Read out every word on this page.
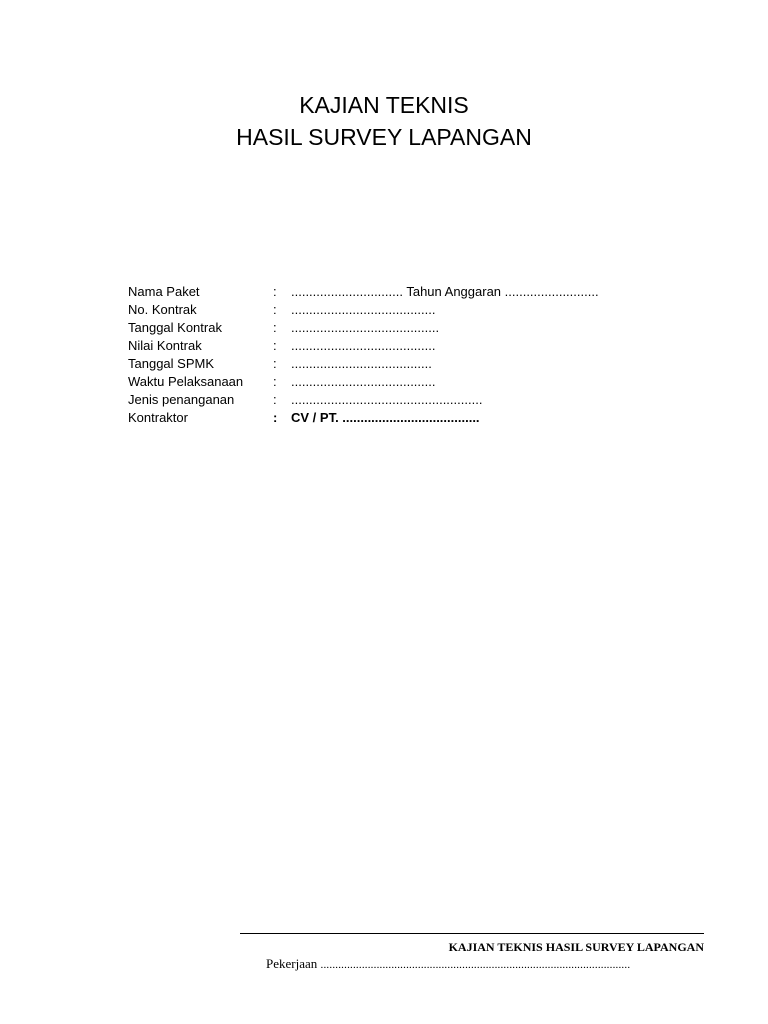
KAJIAN TEKNIS
HASIL SURVEY LAPANGAN
Nama Paket	:	............................... Tahun Anggaran ..........................
No. Kontrak	:	........................................
Tanggal Kontrak	:	.........................................
Nilai Kontrak	:	........................................
Tanggal SPMK	:	.......................................
Waktu Pelaksanaan	:	........................................
Jenis penanganan	:	.....................................................
Kontraktor	:	CV / PT. ......................................
KAJIAN TEKNIS HASIL SURVEY LAPANGAN
Pekerjaan .........................................................................................................
